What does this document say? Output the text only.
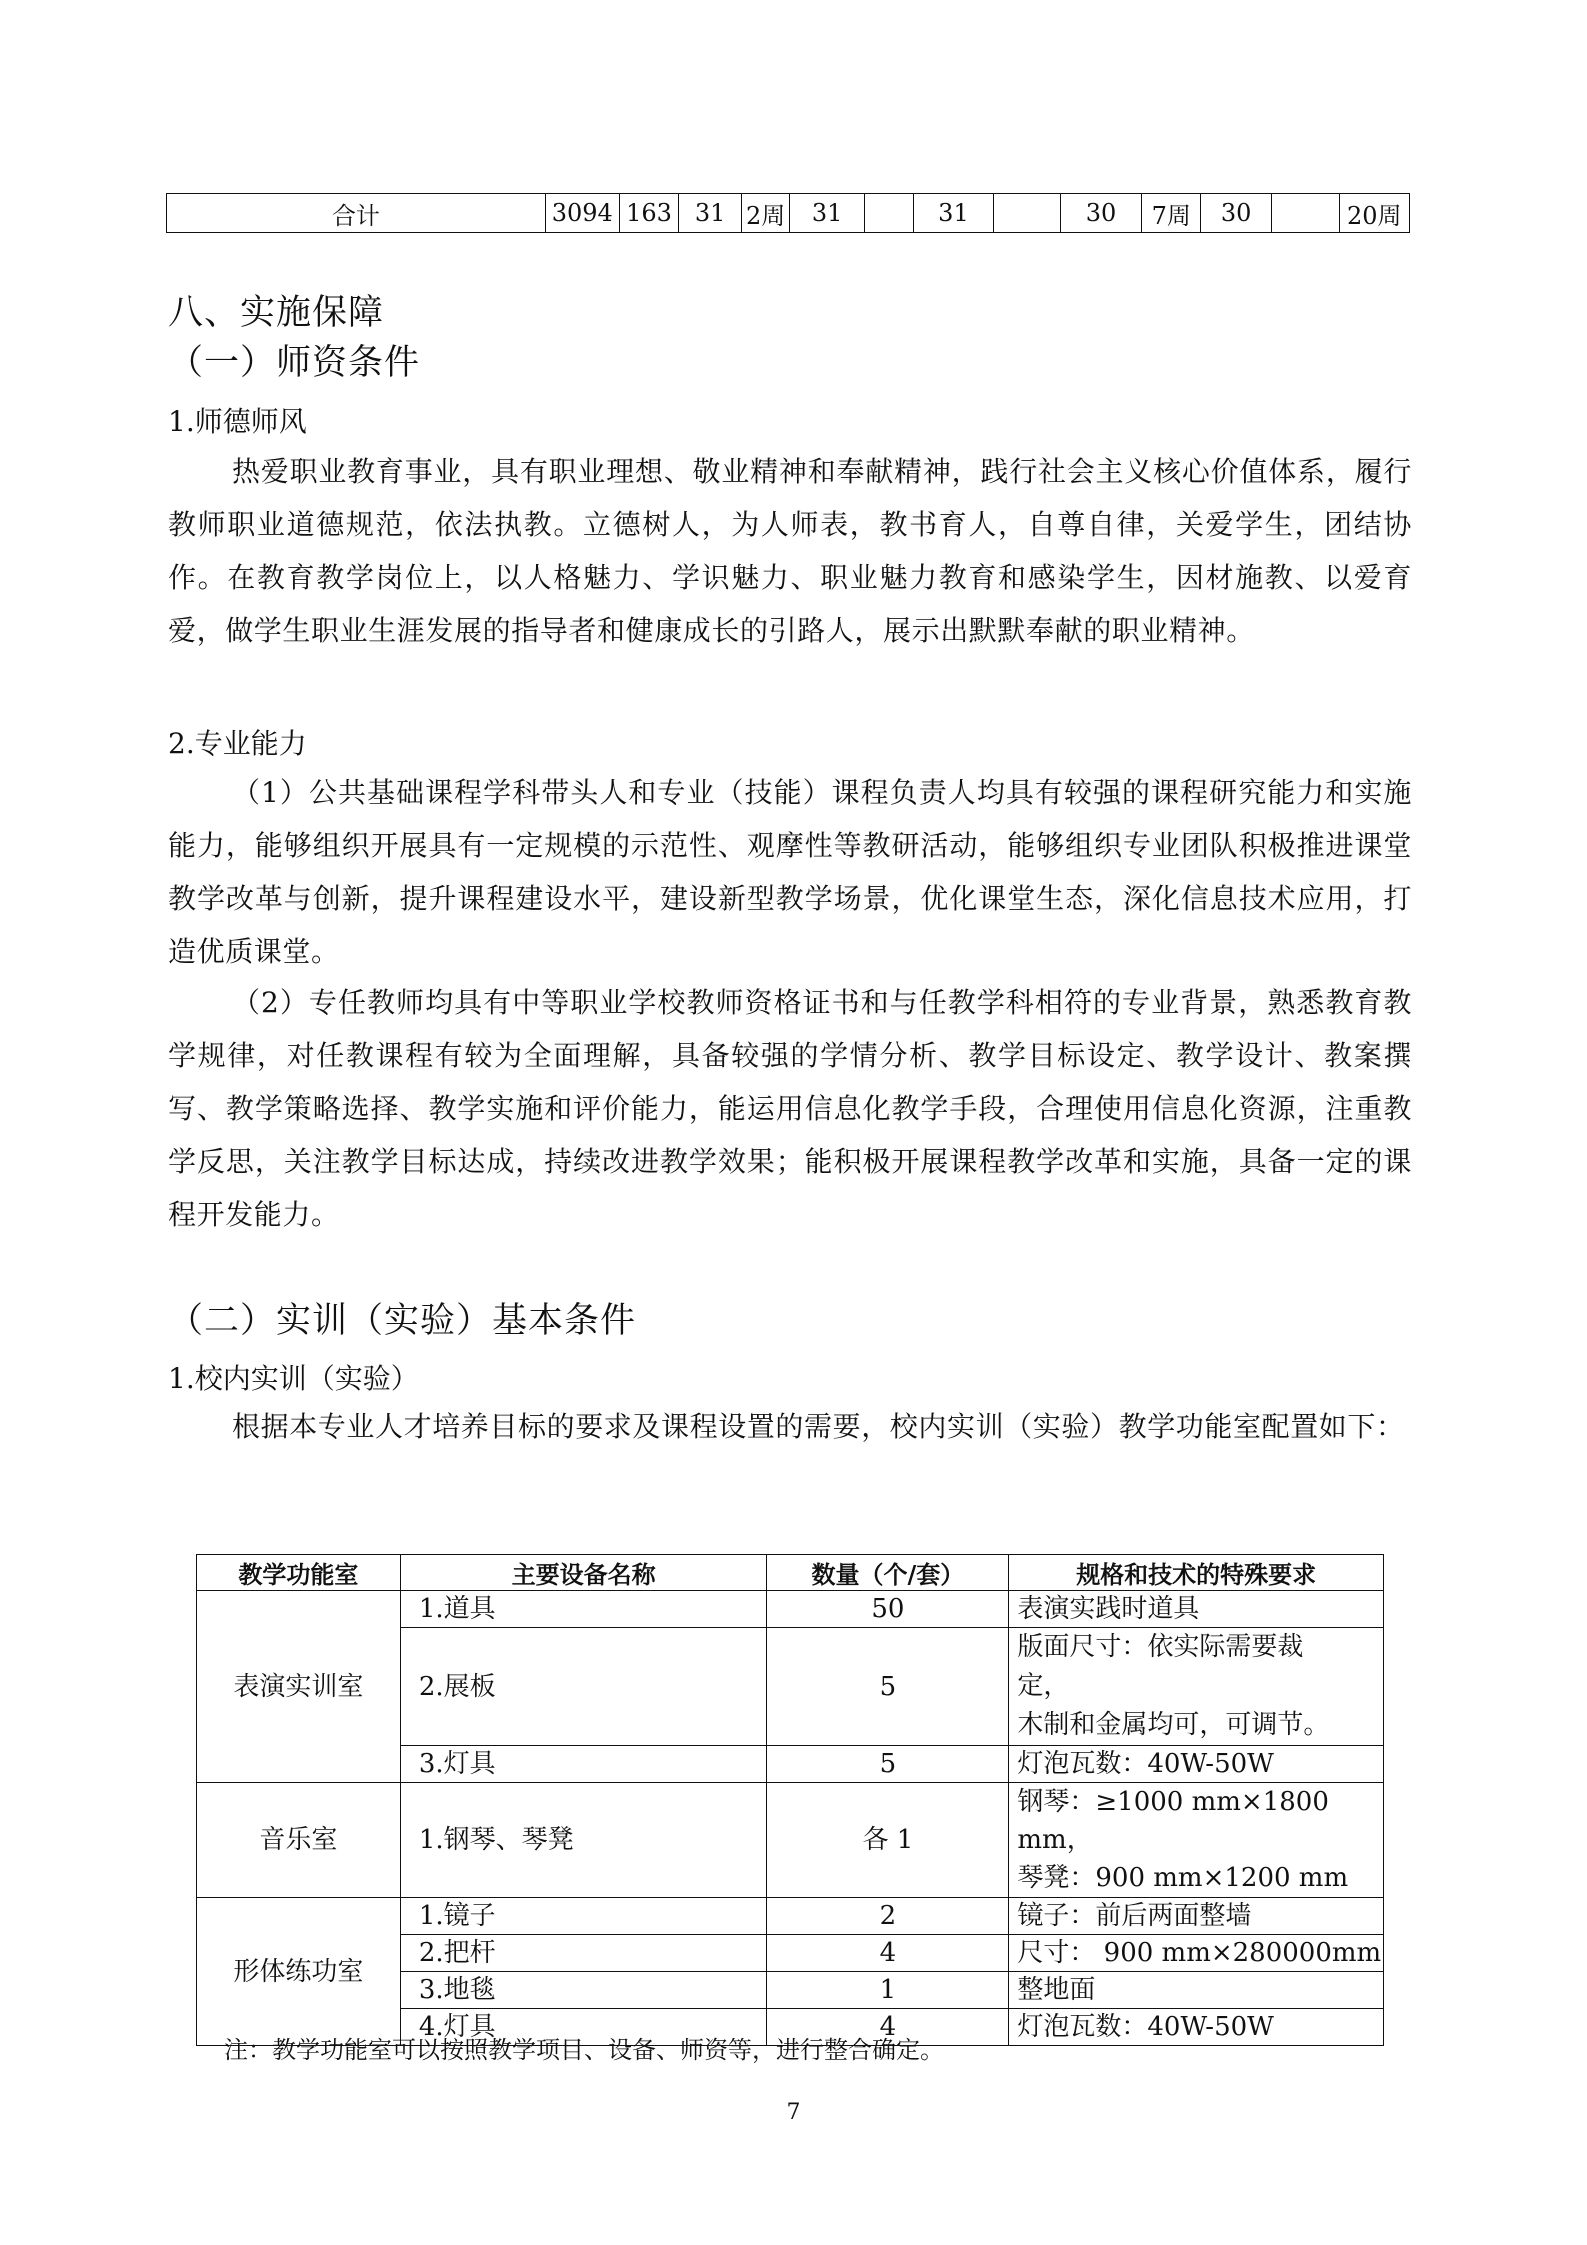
合计	3094	163	31	2周	31		31		30	7周	30		20周
八、实施保障
（一）师资条件
1.师德师风

热爱职业教育事业，具有职业理想、敬业精神和奉献精神，践行社会主义核心价值体系，履行教师职业道德规范，依法执教。立德树人，为人师表，教书育人，自尊自律，关爱学生，团结协作。在教育教学岗位上，以人格魅力、学识魅力、职业魅力教育和感染学生，因材施教、以爱育爱，做学生职业生涯发展的指导者和健康成长的引路人，展示出默默奉献的职业精神。

2.专业能力

（1）公共基础课程学科带头人和专业（技能）课程负责人均具有较强的课程研究能力和实施能力，能够组织开展具有一定规模的示范性、观摩性等教研活动，能够组织专业团队积极推进课堂教学改革与创新，提升课程建设水平，建设新型教学场景，优化课堂生态，深化信息技术应用，打造优质课堂。

（2）专任教师均具有中等职业学校教师资格证书和与任教学科相符的专业背景，熟悉教育教学规律，对任教课程有较为全面理解，具备较强的学情分析、教学目标设定、教学设计、教案撰写、教学策略选择、教学实施和评价能力，能运用信息化教学手段，合理使用信息化资源，注重教学反思，关注教学目标达成，持续改进教学效果；能积极开展课程教学改革和实施，具备一定的课程开发能力。

（二）实训（实验）基本条件
1.校内实训（实验）

根据本专业人才培养目标的要求及课程设置的需要，校内实训（实验）教学功能室配置如下：

教学功能室	主要设备名称	数量（个/套）	规格和技术的特殊要求
表演实训室	1.道具	50	表演实践时道具
	2.展板	5	版面尺寸：依实际需要裁
定，
木制和金属均可，可调节。

	3.灯具	5	灯泡瓦数：40W-50W
音乐室	1.钢琴、琴凳	各 1	钢琴：≥1000 mm×1800 mm，
琴凳：900 mm×1200 mm

形体练功室	1.镜子	2	镜子：前后两面整墙
	2.把杆	4	尺寸： 900 mm×280000mm
	3.地毯	1	整地面
	4.灯具	4	灯泡瓦数：40W-50W
注：教学功能室可以按照教学项目、设备、师资等，进行整合确定。
7
